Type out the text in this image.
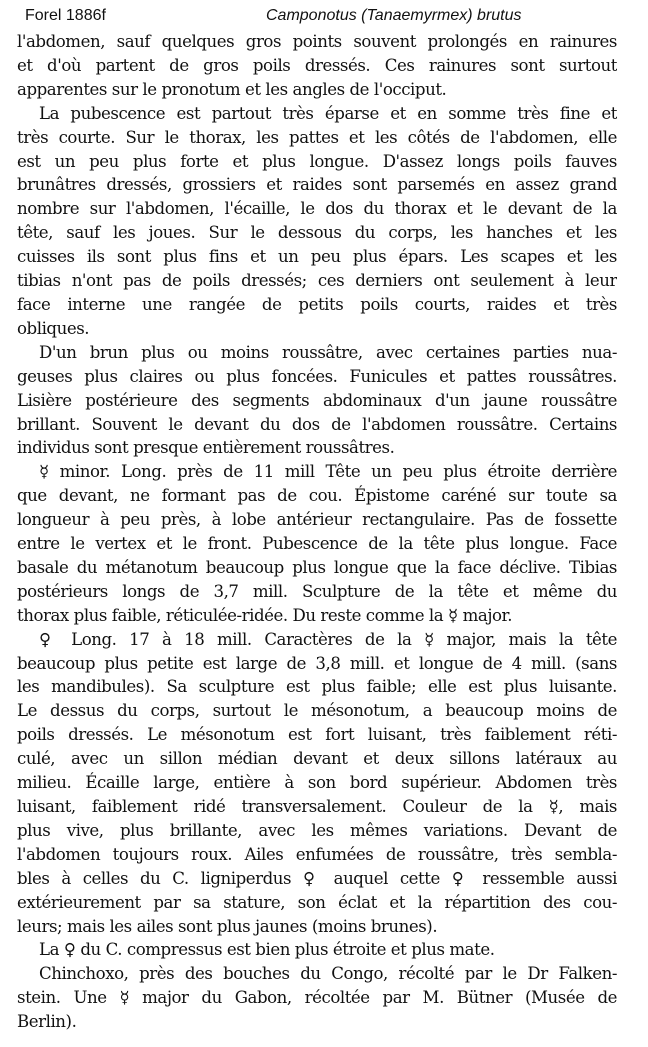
Forel 1886f	Camponotus (Tanaemyrmex) brutus
l'abdomen, sauf quelques gros points souvent prolongés en rainures
et d'où partent de gros poils dressés. Ces rainures sont surtout
apparentes sur le pronotum et les angles de l'occiput.
La pubescence est partout très éparse et en somme très fine et
très courte. Sur le thorax, les pattes et les côtés de l'abdomen, elle
est un peu plus forte et plus longue. D'assez longs poils fauves
brunâtres dressés, grossiers et raides sont parsemés en assez grand
nombre sur l'abdomen, l'écaille, le dos du thorax et le devant de la
tête, sauf les joues. Sur le dessous du corps, les hanches et les
cuisses ils sont plus fins et un peu plus épars. Les scapes et les
tibias n'ont pas de poils dressés; ces derniers ont seulement à leur
face interne une rangée de petits poils courts, raides et très
obliques.
D'un brun plus ou moins roussâtre, avec certaines parties nua-
geuses plus claires ou plus foncées. Funicules et pattes roussâtres.
Lisière postérieure des segments abdominaux d'un jaune roussâtre
brillant. Souvent le devant du dos de l'abdomen roussâtre. Certains
individus sont presque entièrement roussâtres.
☿ minor. Long. près de 11 mill Tête un peu plus étroite derrière
que devant, ne formant pas de cou. Épistome caréné sur toute sa
longueur à peu près, à lobe antérieur rectangulaire. Pas de fossette
entre le vertex et le front. Pubescence de la tête plus longue. Face
basale du métanotum beaucoup plus longue que la face déclive. Tibias
postérieurs longs de 3,7 mill. Sculpture de la tête et même du
thorax plus faible, réticulée-ridée. Du reste comme la ☿ major.
♀ Long. 17 à 18 mill. Caractères de la ☿ major, mais la tête
beaucoup plus petite est large de 3,8 mill. et longue de 4 mill. (sans
les mandibules). Sa sculpture est plus faible; elle est plus luisante.
Le dessus du corps, surtout le mésonotum, a beaucoup moins de
poils dressés. Le mésonotum est fort luisant, très faiblement réti-
culé, avec un sillon médian devant et deux sillons latéraux au
milieu. Écaille large, entière à son bord supérieur. Abdomen très
luisant, faiblement ridé transversalement. Couleur de la ☿, mais
plus vive, plus brillante, avec les mêmes variations. Devant de
l'abdomen toujours roux. Ailes enfumées de roussâtre, très sembla-
bles à celles du C. ligniperdus ♀ auquel cette ♀ ressemble aussi
extérieurement par sa stature, son éclat et la répartition des cou-
leurs; mais les ailes sont plus jaunes (moins brunes).
La ♀ du C. compressus est bien plus étroite et plus mate.
Chinchoxo, près des bouches du Congo, récolté par le Dr Falken-
stein. Une ☿ major du Gabon, récoltée par M. Bütner (Musée de
Berlin).
